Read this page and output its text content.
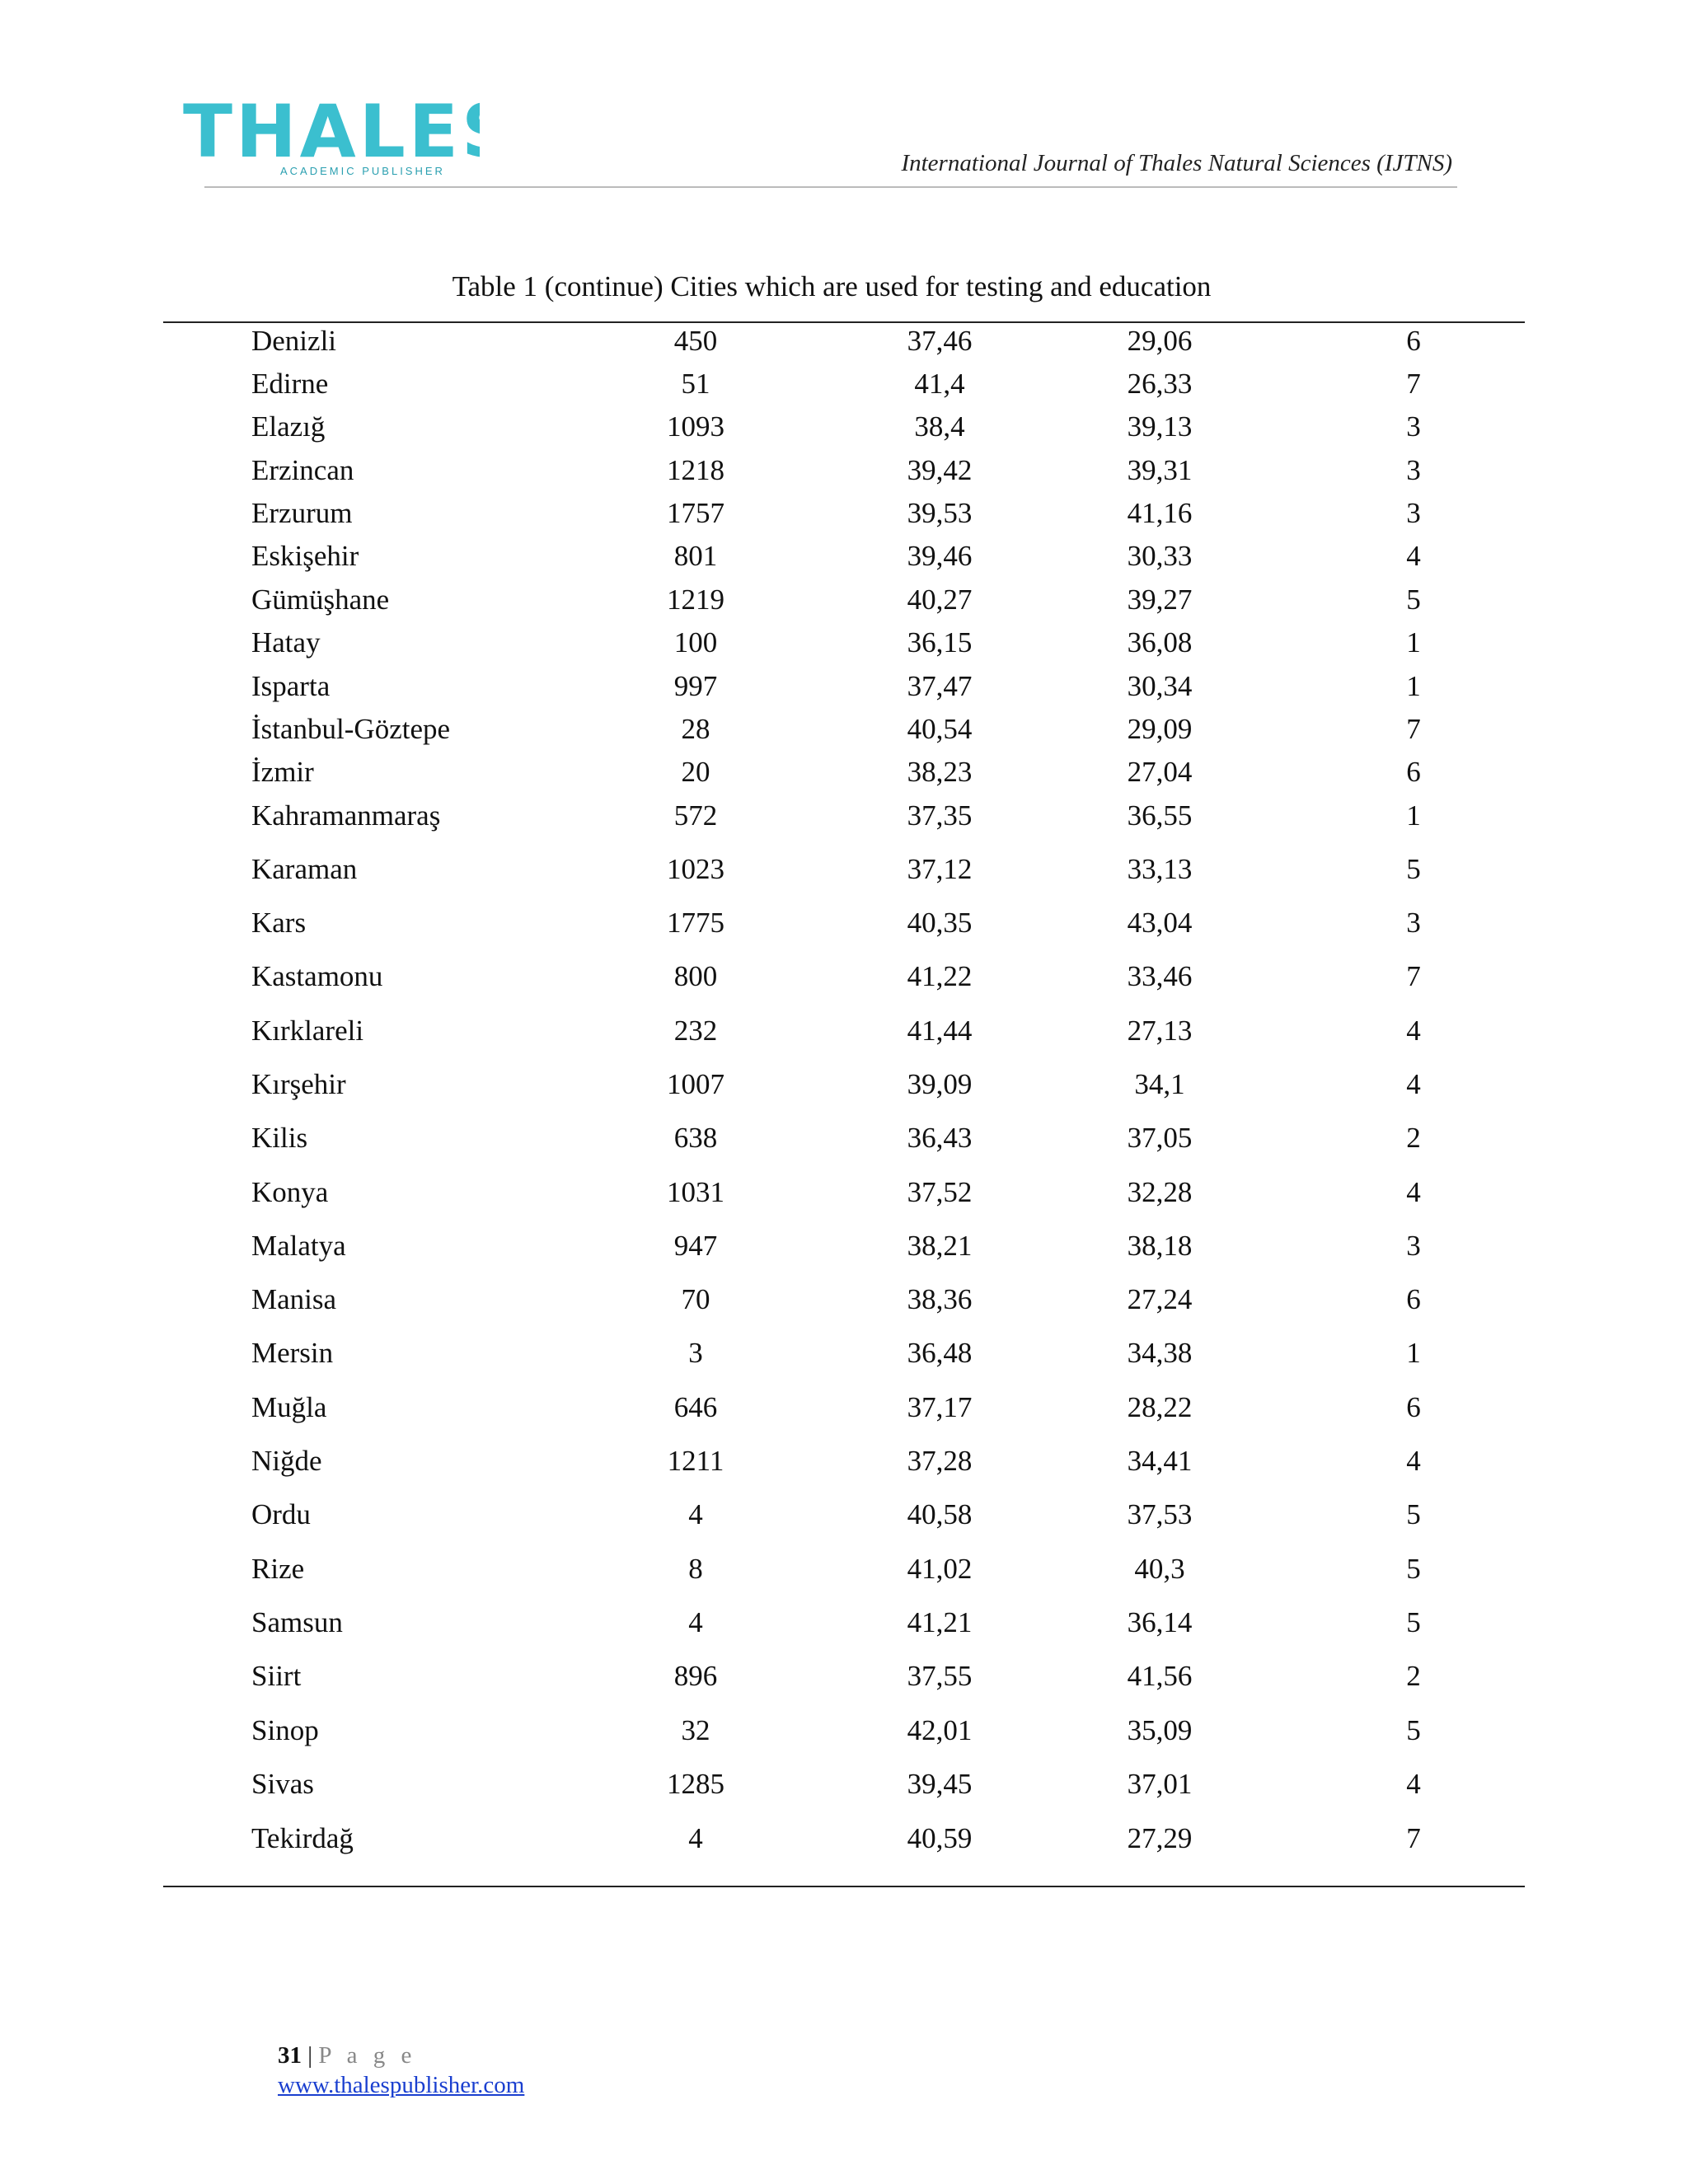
THALE
ACADEMIC PUBLISHER	International Journal of Thales Natural Sciences (IJTNS)
Table 1 (continue) Cities which are used for testing and education
Denizli	450	37,46	29,06	6
Edirne	51	41,4	26,33	7
Elazığ	1093	38,4	39,13	3
Erzincan	1218	39,42	39,31	3
Erzurum	1757	39,53	41,16	3
Eskişehir	801	39,46	30,33	4
Gümüşhane	1219	40,27	39,27	5
Hatay	100	36,15	36,08	1
Isparta	997	37,47	30,34	1
İstanbul-Göztepe	28	40,54	29,09	7
İzmir	20	38,23	27,04	6
Kahramanmaraş	572	37,35	36,55	1
Karaman	1023	37,12	33,13	5
Kars	1775	40,35	43,04	3
Kastamonu	800	41,22	33,46	7
Kırklareli	232	41,44	27,13	4
Kırşehir	1007	39,09	34,1	4
Kilis	638	36,43	37,05	2
Konya	1031	37,52	32,28	4
Malatya	947	38,21	38,18	3
Manisa	70	38,36	27,24	6
Mersin	3	36,48	34,38	1
Muğla	646	37,17	28,22	6
Niğde	1211	37,28	34,41	4
Ordu	4	40,58	37,53	5
Rize	8	41,02	40,3	5
Samsun	4	41,21	36,14	5
Siirt	896	37,55	41,56	2
Sinop	32	42,01	35,09	5
Sivas	1285	39,45	37,01	4
Tekirdağ	4	40,59	27,29	7
31 | P a g e
www.thalespublisher.com
